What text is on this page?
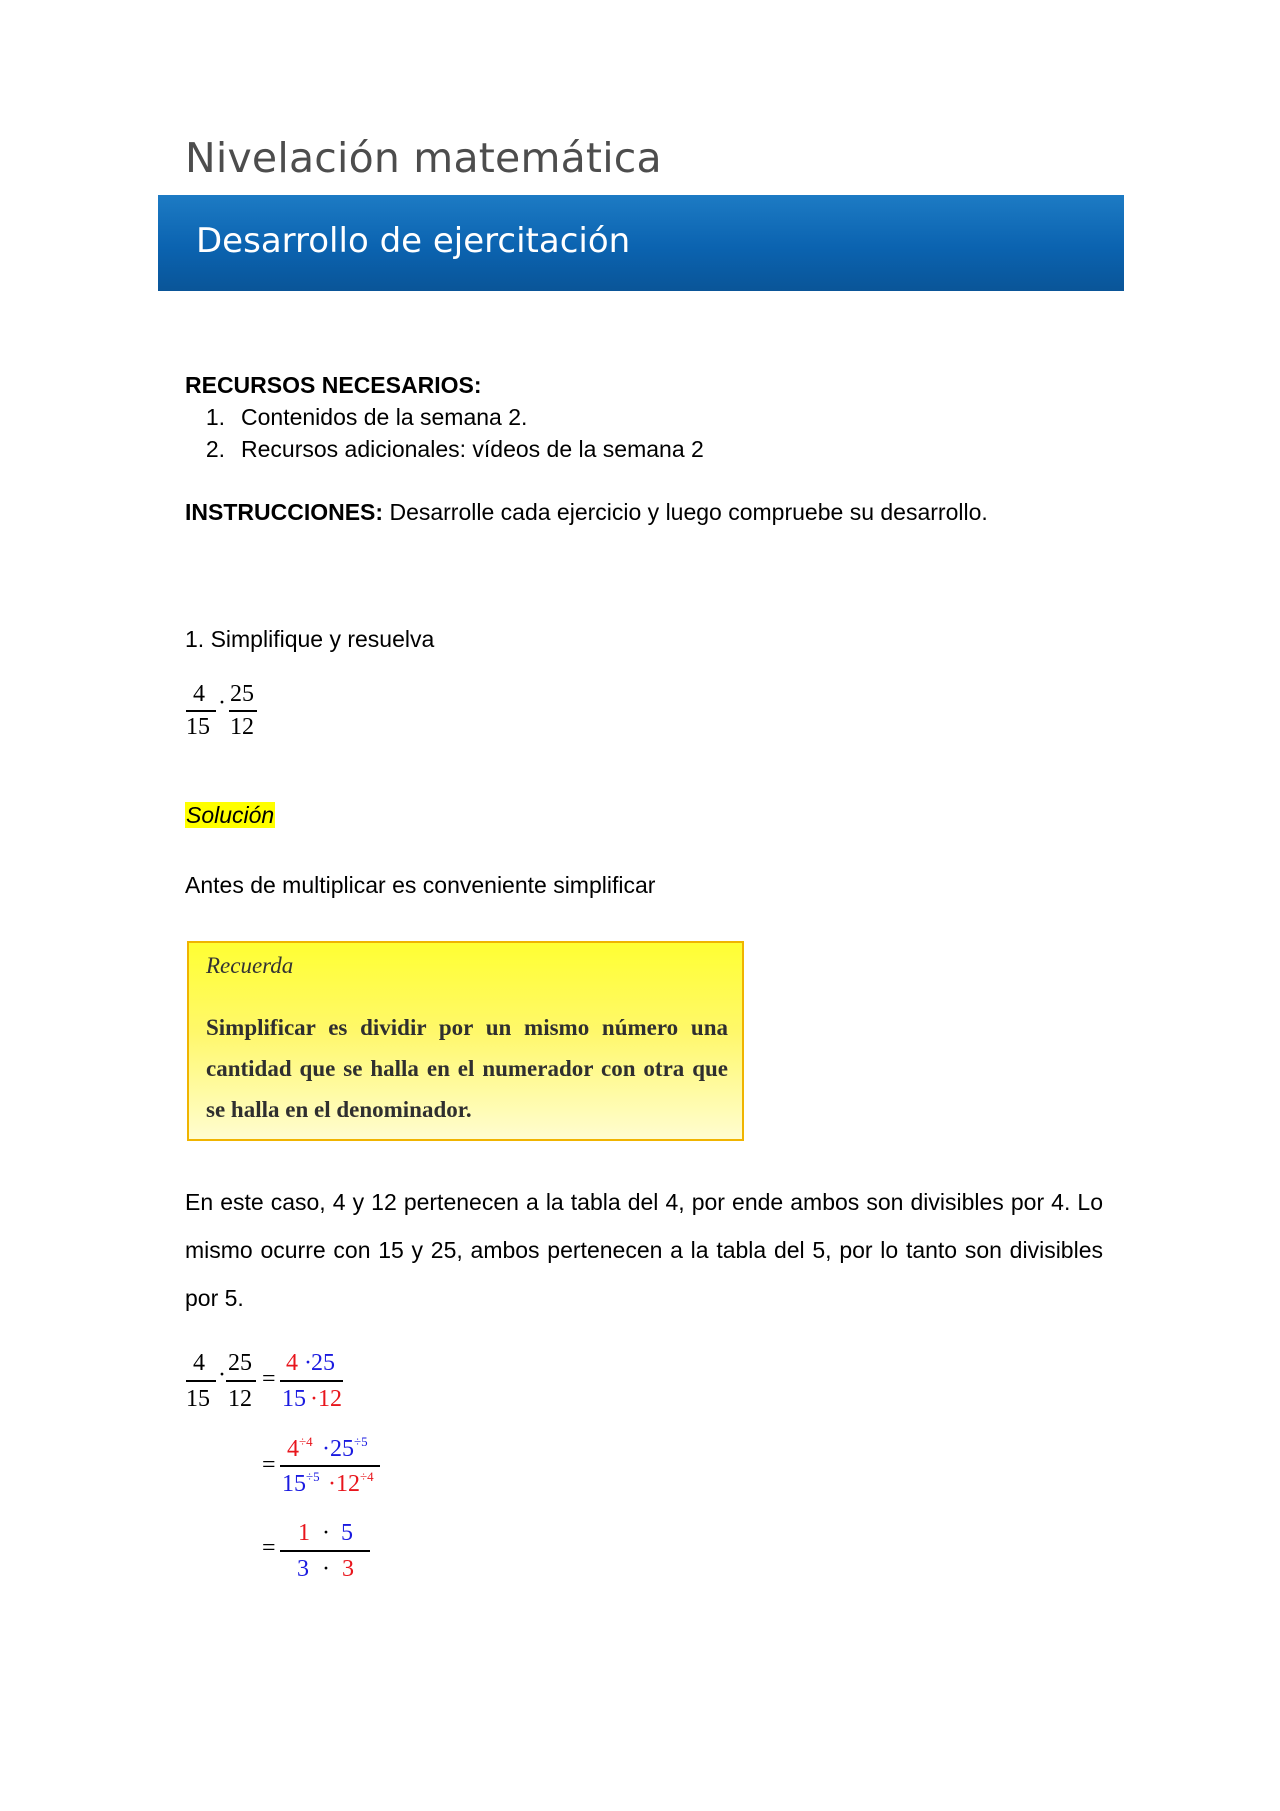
Nivelación matemática
Desarrollo de ejercitación
RECURSOS NECESARIOS:
1. Contenidos de la semana 2.
2. Recursos adicionales: vídeos de la semana 2
INSTRUCCIONES: Desarrolle cada ejercicio y luego compruebe su desarrollo.
1. Simplifique y resuelva
4
15
· 25
12
Solución
Antes de multiplicar es conveniente simplificar
Recuerda
Simplificar es dividir por un mismo número una cantidad que se halla en el numerador con otra que se halla en el denominador.
En este caso, 4 y 12 pertenecen a la tabla del 4, por ende ambos son divisibles por 4. Lo mismo ocurre con 15 y 25, ambos pertenecen a la tabla del 5, por lo tanto son divisibles por 5.
4
15
· 25
12
=
4 · 25
15 · 12
=
$4^{\div 4} \cdot 25^{\div 5}$
$15^{\div 5} \cdot 12^{\div 4}$
=
1 · 5
3 · 3
